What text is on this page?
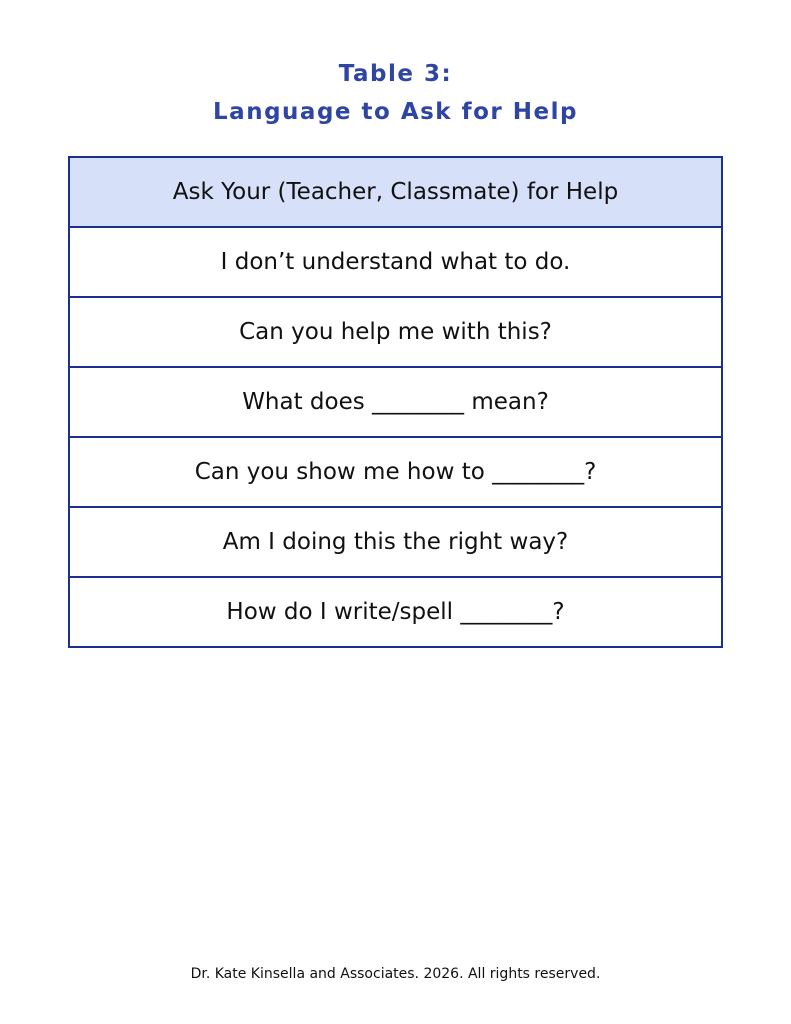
Table 3:
Language to Ask for Help
Ask Your (Teacher, Classmate) for Help
I don’t understand what to do.
Can you help me with this?
What does ________ mean?
Can you show me how to ________?
Am I doing this the right way?
How do I write/spell ________?
Dr. Kate Kinsella and Associates. 2026. All rights reserved.
